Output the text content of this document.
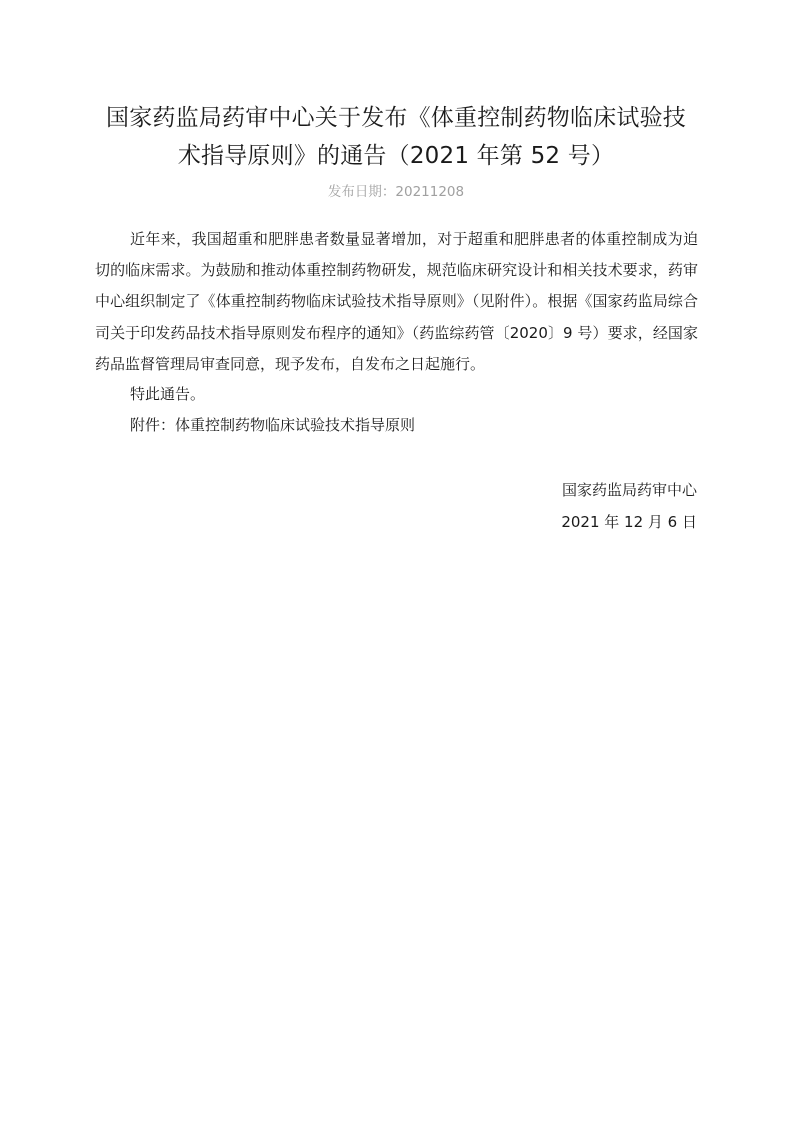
国家药监局药审中心关于发布《体重控制药物临床试验技
术指导原则》的通告（2021 年第 52 号）
发布日期：20211208

近年来，我国超重和肥胖患者数量显著增加，对于超重和肥胖患者的体重控制成为迫切的临床需求。为鼓励和推动体重控制药物研发，规范临床研究设计和相关技术要求，药审中心组织制定了《体重控制药物临床试验技术指导原则》（见附件）。根据《国家药监局综合司关于印发药品技术指导原则发布程序的通知》（药监综药管〔2020〕9 号）要求，经国家药品监督管理局审查同意，现予发布，自发布之日起施行。

特此通告。

附件：体重控制药物临床试验技术指导原则

国家药监局药审中心
2021 年 12 月 6 日
